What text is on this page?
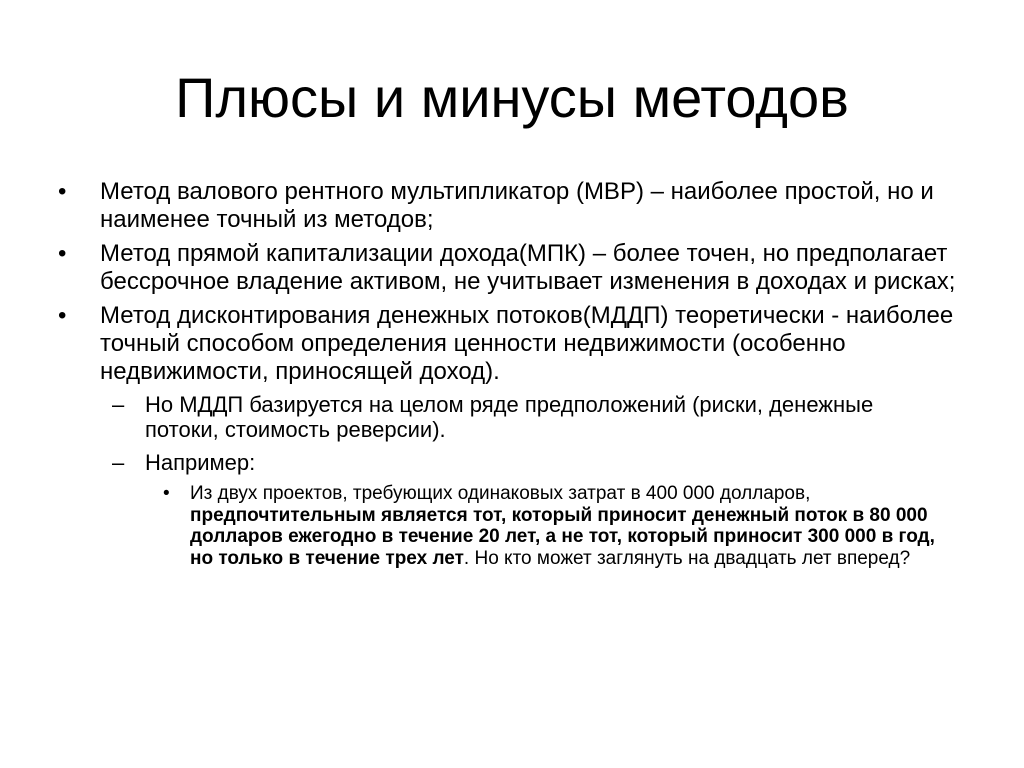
Плюсы и минусы методов
• Метод валового рентного мультипликатор (МВР) – наиболее простой, но и наименее точный из методов;
• Метод прямой капитализации дохода(МПК) – более точен, но предполагает бессрочное владение активом, не учитывает изменения в доходах и рисках;
• Метод дисконтирования денежных потоков(МДДП) теоретически - наиболее точный способом определения ценности недвижимости (особенно недвижимости, приносящей доход).
– Но МДДП базируется на целом ряде предположений (риски, денежные потоки, стоимость реверсии).
– Например:
• Из двух проектов, требующих одинаковых затрат в 400 000 долларов, предпочтительным является тот, который приносит денежный поток в 80 000 долларов ежегодно в течение 20 лет, а не тот, который приносит 300 000 в год, но только в течение трех лет. Но кто может заглянуть на двадцать лет вперед?
